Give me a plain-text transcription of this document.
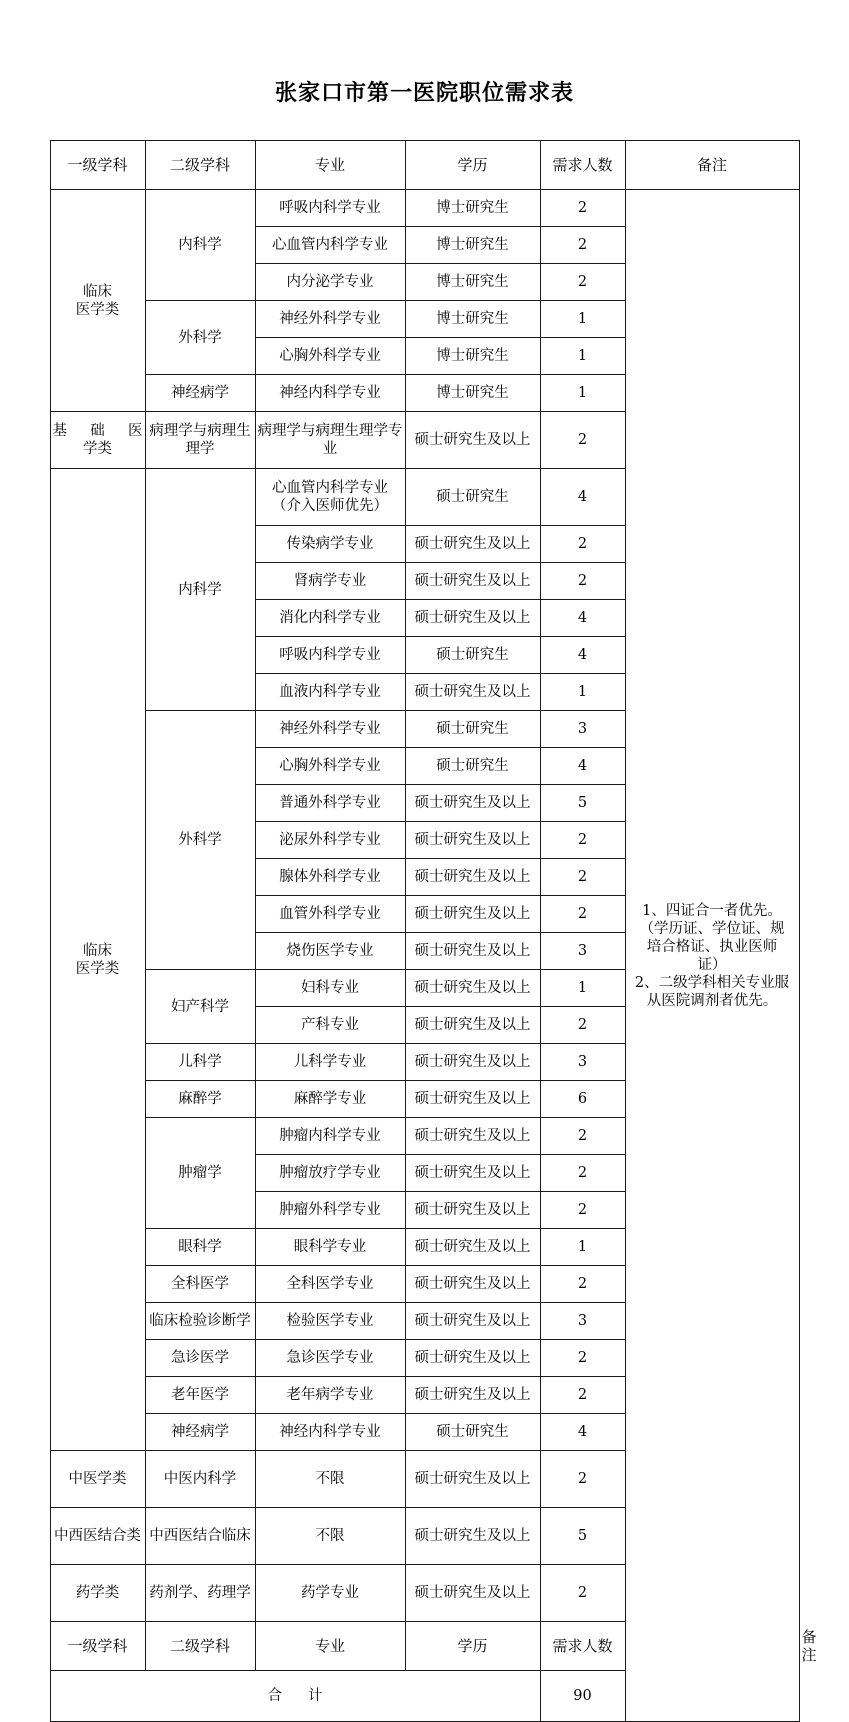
张家口市第一医院职位需求表
一级学科	二级学科	专业	学历	需求人数	备注	
临床
医学类	内科学	呼吸内科学专业	博士研究生	2	
1、四证合一者优先。
（学历证、学位证、规
培合格证、执业医师
证）
2、二级学科相关专业服
从医院调剂者优先。

		心血管内科学专业	博士研究生	2		
		内分泌学专业	博士研究生	2		
	外科学	神经外科学专业	博士研究生	1		
		心胸外科学专业	博士研究生	1		
	神经病学	神经内科学专业	博士研究生	1		
基础医
学类	病理学与病理生理学	病理学与病理生理学专业	硕士研究生及以上	2		
临床
医学类	内科学	心血管内科学专业
（介入医师优先）	硕士研究生	4		
		传染病学专业	硕士研究生及以上	2		
		肾病学专业	硕士研究生及以上	2		
		消化内科学专业	硕士研究生及以上	4		
		呼吸内科学专业	硕士研究生	4		
		血液内科学专业	硕士研究生及以上	1		
	外科学	神经外科学专业	硕士研究生	3		
		心胸外科学专业	硕士研究生	4		
		普通外科学专业	硕士研究生及以上	5		
		泌尿外科学专业	硕士研究生及以上	2		
		腺体外科学专业	硕士研究生及以上	2		
		血管外科学专业	硕士研究生及以上	2		
		烧伤医学专业	硕士研究生及以上	3		
	妇产科学	妇科专业	硕士研究生及以上	1		
		产科专业	硕士研究生及以上	2		
	儿科学	儿科学专业	硕士研究生及以上	3		
	麻醉学	麻醉学专业	硕士研究生及以上	6		
	肿瘤学	肿瘤内科学专业	硕士研究生及以上	2		
		肿瘤放疗学专业	硕士研究生及以上	2		
		肿瘤外科学专业	硕士研究生及以上	2		
	眼科学	眼科学专业	硕士研究生及以上	1		
	全科医学	全科医学专业	硕士研究生及以上	2		
	临床检验诊断学	检验医学专业	硕士研究生及以上	3		
	急诊医学	急诊医学专业	硕士研究生及以上	2		
	老年医学	老年病学专业	硕士研究生及以上	2		
	神经病学	神经内科学专业	硕士研究生	4		
中医学类	中医内科学	不限	硕士研究生及以上	2		
中西医结合类	中西医结合临床	不限	硕士研究生及以上	5		
药学类	药剂学、药理学	药学专业	硕士研究生及以上	2		
一级学科	二级学科	专业	学历	需求人数		备注
合计				90		
